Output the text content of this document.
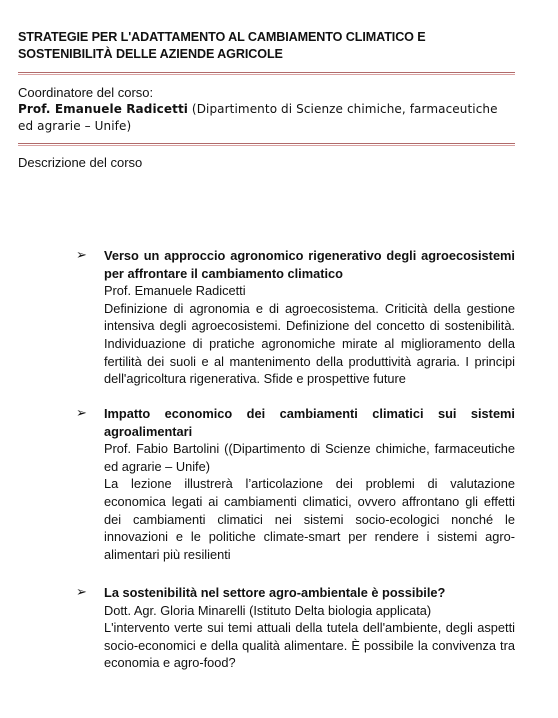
STRATEGIE PER L'ADATTAMENTO AL CAMBIAMENTO CLIMATICO E SOSTENIBILITÀ DELLE AZIENDE AGRICOLE
Coordinatore del corso:
Prof. Emanuele Radicetti (Dipartimento di Scienze chimiche, farmaceutiche ed agrarie – Unife)
Descrizione del corso
➢ Verso un approccio agronomico rigenerativo degli agroecosistemi per affrontare il cambiamento climatico
Prof. Emanuele Radicetti
Definizione di agronomia e di agroecosistema. Criticità della gestione intensiva degli agroecosistemi. Definizione del concetto di sostenibilità. Individuazione di pratiche agronomiche mirate al miglioramento della fertilità dei suoli e al mantenimento della produttività agraria. I principi dell'agricoltura rigenerativa. Sfide e prospettive future
➢ Impatto economico dei cambiamenti climatici sui sistemi agroalimentari
Prof. Fabio Bartolini ((Dipartimento di Scienze chimiche, farmaceutiche ed agrarie – Unife)
La lezione illustrerà l’articolazione dei problemi di valutazione economica legati ai cambiamenti climatici, ovvero affrontano gli effetti dei cambiamenti climatici nei sistemi socio-ecologici nonché le innovazioni e le politiche climate-smart per rendere i sistemi agro-alimentari più resilienti
➢ La sostenibilità nel settore agro-ambientale è possibile?
Dott. Agr. Gloria Minarelli (Istituto Delta biologia applicata)
L'intervento verte sui temi attuali della tutela dell'ambiente, degli aspetti socio-economici e della qualità alimentare. È possibile la convivenza tra economia e agro-food?
